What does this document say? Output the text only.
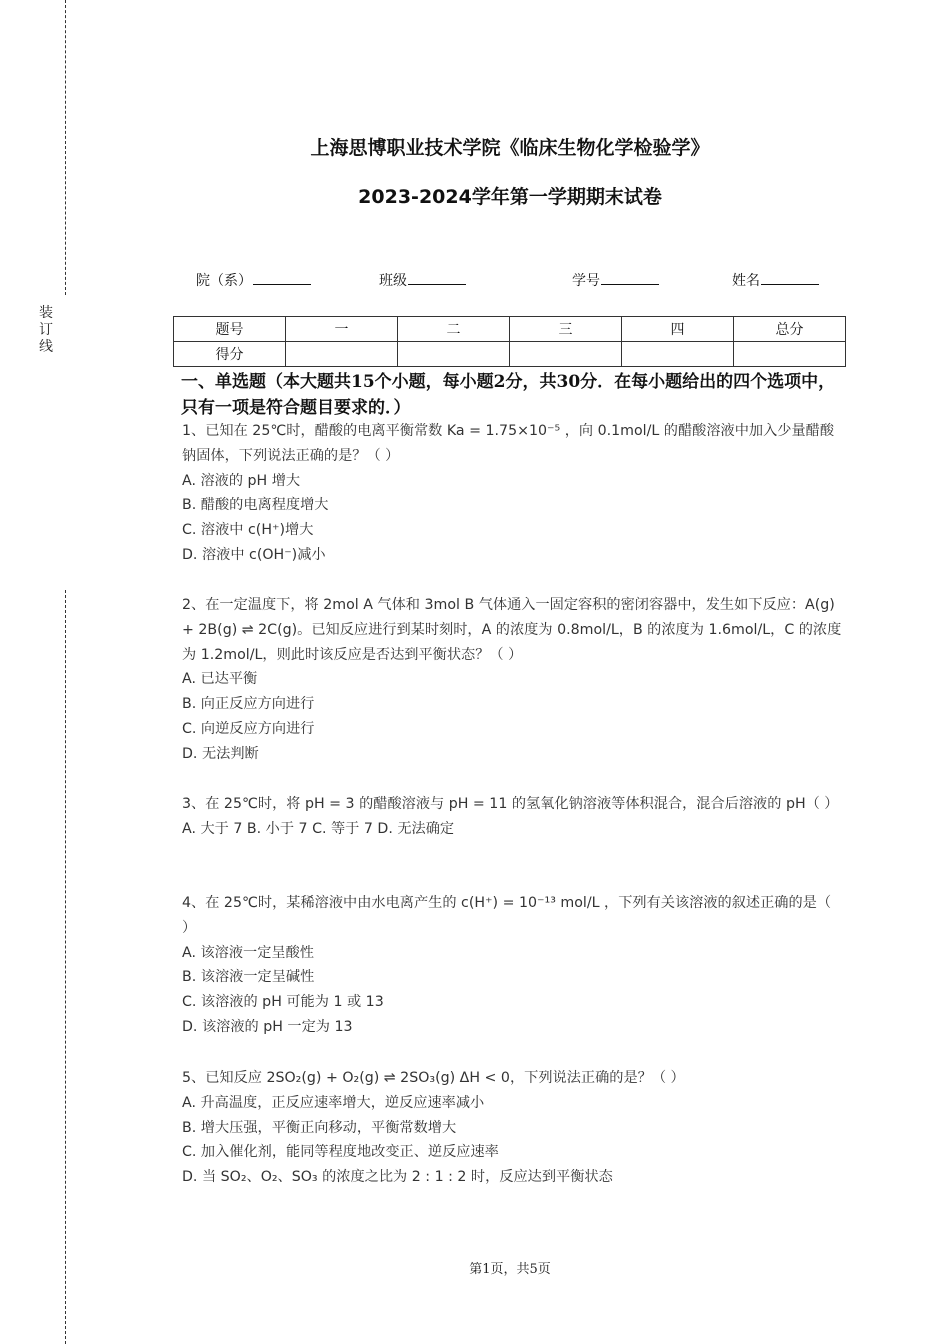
装
订
线
上海思博职业技术学院《临床生物化学检验学》
2023-2024学年第一学期期末试卷
院（系）	班级	学号	姓名
题号	一	二	三	四	总分
得分					
一、单选题（本大题共15个小题，每小题2分，共30分．在每小题给出的四个选项中，只有一项是符合题目要求的．）

1、已知在 25℃时，醋酸的电离平衡常数 Ka = 1.75×10⁻⁵ ，向 0.1mol/L 的醋酸溶液中加入少量醋酸钠固体，下列说法正确的是？（ ）

A. 溶液的 pH 增大

B. 醋酸的电离程度增大

C. 溶液中 c(H⁺)增大

D. 溶液中 c(OH⁻)减小

2、在一定温度下，将 2mol A 气体和 3mol B 气体通入一固定容积的密闭容器中，发生如下反应：A(g) + 2B(g) ⇌ 2C(g)。已知反应进行到某时刻时，A 的浓度为 0.8mol/L，B 的浓度为 1.6mol/L，C 的浓度为 1.2mol/L，则此时该反应是否达到平衡状态？（ ）

A. 已达平衡

B. 向正反应方向进行

C. 向逆反应方向进行

D. 无法判断

3、在 25℃时，将 pH = 3 的醋酸溶液与 pH = 11 的氢氧化钠溶液等体积混合，混合后溶液的 pH（ ）

A. 大于 7 B. 小于 7 C. 等于 7 D. 无法确定

4、在 25℃时，某稀溶液中由水电离产生的 c(H⁺) = 10⁻¹³ mol/L ，下列有关该溶液的叙述正确的是（ ）

A. 该溶液一定呈酸性

B. 该溶液一定呈碱性

C. 该溶液的 pH 可能为 1 或 13

D. 该溶液的 pH 一定为 13

5、已知反应 2SO₂(g) + O₂(g) ⇌ 2SO₃(g) ΔH < 0，下列说法正确的是？（ ）

A. 升高温度，正反应速率增大，逆反应速率减小

B. 增大压强，平衡正向移动，平衡常数增大

C. 加入催化剂，能同等程度地改变正、逆反应速率

D. 当 SO₂、O₂、SO₃ 的浓度之比为 2 : 1 : 2 时，反应达到平衡状态

第1页，共5页
